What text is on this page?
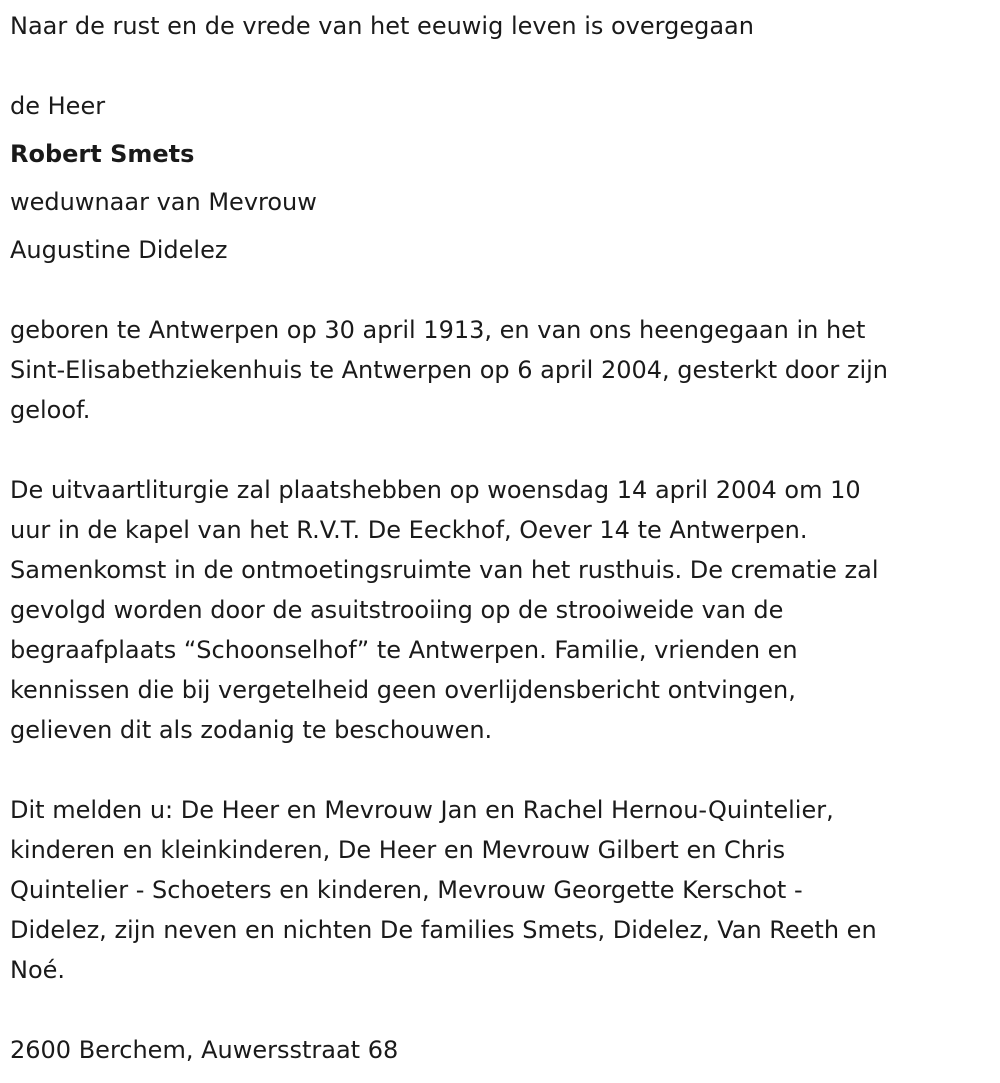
Naar de rust en de vrede van het eeuwig leven is overgegaan

de Heer

Robert Smets

weduwnaar van Mevrouw

Augustine Didelez

geboren te Antwerpen op 30 april 1913, en van ons heengegaan in het

Sint-Elisabethziekenhuis te Antwerpen op 6 april 2004, gesterkt door zijn

geloof.

De uitvaartliturgie zal plaatshebben op woensdag 14 april 2004 om 10

uur in de kapel van het R.V.T. De Eeckhof, Oever 14 te Antwerpen.

Samenkomst in de ontmoetingsruimte van het rusthuis. De crematie zal

gevolgd worden door de asuitstrooiing op de strooiweide van de

begraafplaats “Schoonselhof” te Antwerpen. Familie, vrienden en

kennissen die bij vergetelheid geen overlijdensbericht ontvingen,

gelieven dit als zodanig te beschouwen.

Dit melden u: De Heer en Mevrouw Jan en Rachel Hernou-Quintelier,

kinderen en kleinkinderen, De Heer en Mevrouw Gilbert en Chris

Quintelier - Schoeters en kinderen, Mevrouw Georgette Kerschot -

Didelez, zijn neven en nichten De families Smets, Didelez, Van Reeth en

Noé.

2600 Berchem, Auwersstraat 68
